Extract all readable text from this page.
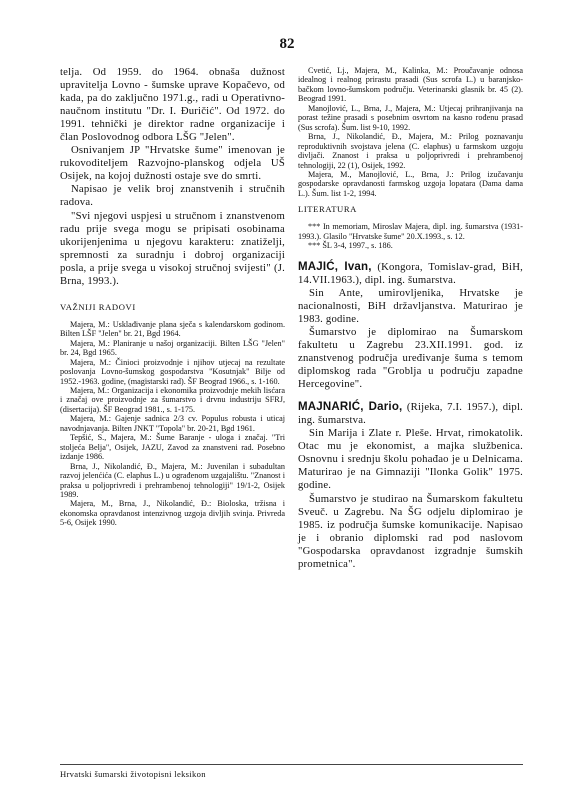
82

telja. Od 1959. do 1964. obnaša dužnost upravitelja Lovno - šumske uprave Kopačevo, od kada, pa do zaključno 1971.g., radi u Operativno-naučnom institutu "Dr. I. Đuričić". Od 1972. do 1991. tehnički je direktor radne organizacije i član Poslovodnog odbora LŠG "Jelen".

Osnivanjem JP "Hrvatske šume" imenovan je rukovoditeljem Razvojno-planskog odjela UŠ Osijek, na kojoj dužnosti ostaje sve do smrti.

Napisao je velik broj znanstvenih i stručnih radova.

"Svi njegovi uspjesi u stručnom i znanstvenom radu prije svega mogu se pripisati osobinama ukorijenjenima u njegovu karakteru: znatiželji, spremnosti za suradnju i dobroj organizaciji posla, a prije svega u visokoj stručnoj svijesti" (J. Brna, 1993.).

VAŽNIJI RADOVI

Majera, M.: Usklađivanje plana sječa s kalendarskom godinom. Bilten LŠF "Jelen" br. 21, Bgd 1964.

Majera, M.: Planiranje u našoj organizaciji. Bilten LŠG "Jelen" br. 24, Bgd 1965.

Majera, M.: Činioci proizvodnje i njihov utjecaj na rezultate poslovanja Lovno-šumskog gospodarstva "Kosutnjak" Bilje od 1952.-1963. godine, (magistarski rad). ŠF Beograd 1966., s. 1-160.

Majera, M.: Organizacija i ekonomika proizvodnje mekih lisćara i značaj ove proizvodnje za šumarstvo i drvnu industriju SFRJ, (disertacija). ŠF Beograd 1981., s. 1-175.

Majera, M.: Gajenje sadnica 2/3 cv. Populus robusta i uticaj navodnjavanja. Bilten JNKT "Topola" br. 20-21, Bgd 1961.

Tepšić, S., Majera, M.: Šume Baranje - uloga i značaj. "Tri stoljeća Belja", Osijek, JAZU, Zavod za znanstveni rad. Posebno izdanje 1986.

Brna, J., Nikolandić, Đ., Majera, M.: Juvenilan i subadultan razvoj jelenćića (C. elaphus L.) u ograđenom uzgajalištu. "Znanost i praksa u poljoprivredi i prehrambenoj tehnologiji" 19/1-2, Osijek 1989.

Majera, M., Brna, J., Nikolandić, Đ.: Bioloska, tržisna i ekonomska opravdanost intenzivnog uzgoja divljih svinja. Privreda 5-6, Osijek 1990.

Cvetić, Lj., Majera, M., Kalinka, M.: Proučavanje odnosa idealnog i realnog prirastu prasadi (Sus scrofa L.) u baranjsko-bačkom lovno-šumskom području. Veterinarski glasnik br. 45 (2). Beograd 1991.

Manojlović, L., Brna, J., Majera, M.: Utjecaj prihranjivanja na porast težine prasadi s posebnim osvrtom na kasno rođenu prasad (Sus scrofa). Šum. list 9-10, 1992.

Brna, J., Nikolandić, Đ., Majera, M.: Prilog poznavanju reproduktivnih svojstava jelena (C. elaphus) u farmskom uzgoju divljači. Znanost i praksa u poljoprivredi i prehrambenoj tehnologiji, 22 (1), Osijek, 1992.

Majera, M., Manojlović, L., Brna, J.: Prilog izučavanju gospodarske opravdanosti farmskog uzgoja lopatara (Dama dama L.). Šum. list 1-2, 1994.

LITERATURA

*** In memoriam, Miroslav Majera, dipl. ing. šumarstva (1931-1993.). Glasilo "Hrvatske šume" 20.X.1993., s. 12.

*** ŠL 3-4, 1997., s. 186.

MAJIĆ, Ivan, (Kongora, Tomislav-grad, BiH, 14.VII.1963.), dipl. ing. šumarstva.

Sin Ante, umirovljenika, Hrvatske je nacionalnosti, BiH državljanstva. Maturirao je 1983. godine.

Šumarstvo je diplomirao na Šumarskom fakultetu u Zagrebu 23.XII.1991. god. iz znanstvenog područja uređivanje šuma s temom diplomskog rada "Groblja u području zapadne Hercegovine".

MAJNARIĆ, Dario, (Rijeka, 7.I. 1957.), dipl. ing. šumarstva.

Sin Marija i Zlate r. Pleše. Hrvat, rimokatolik. Otac mu je ekonomist, a majka službenica. Osnovnu i srednju školu pohađao je u Delnicama. Maturirao je na Gimnaziji "Ilonka Golik" 1975. godine.

Šumarstvo je studirao na Šumarskom fakultetu Sveuč. u Zagrebu. Na ŠG odjelu diplomirao je 1985. iz područja šumske komunikacije. Napisao je i obranio diplomski rad pod naslovom "Gospodarska opravdanost izgradnje šumskih prometnica".

Hrvatski šumarski životopisni leksikon
